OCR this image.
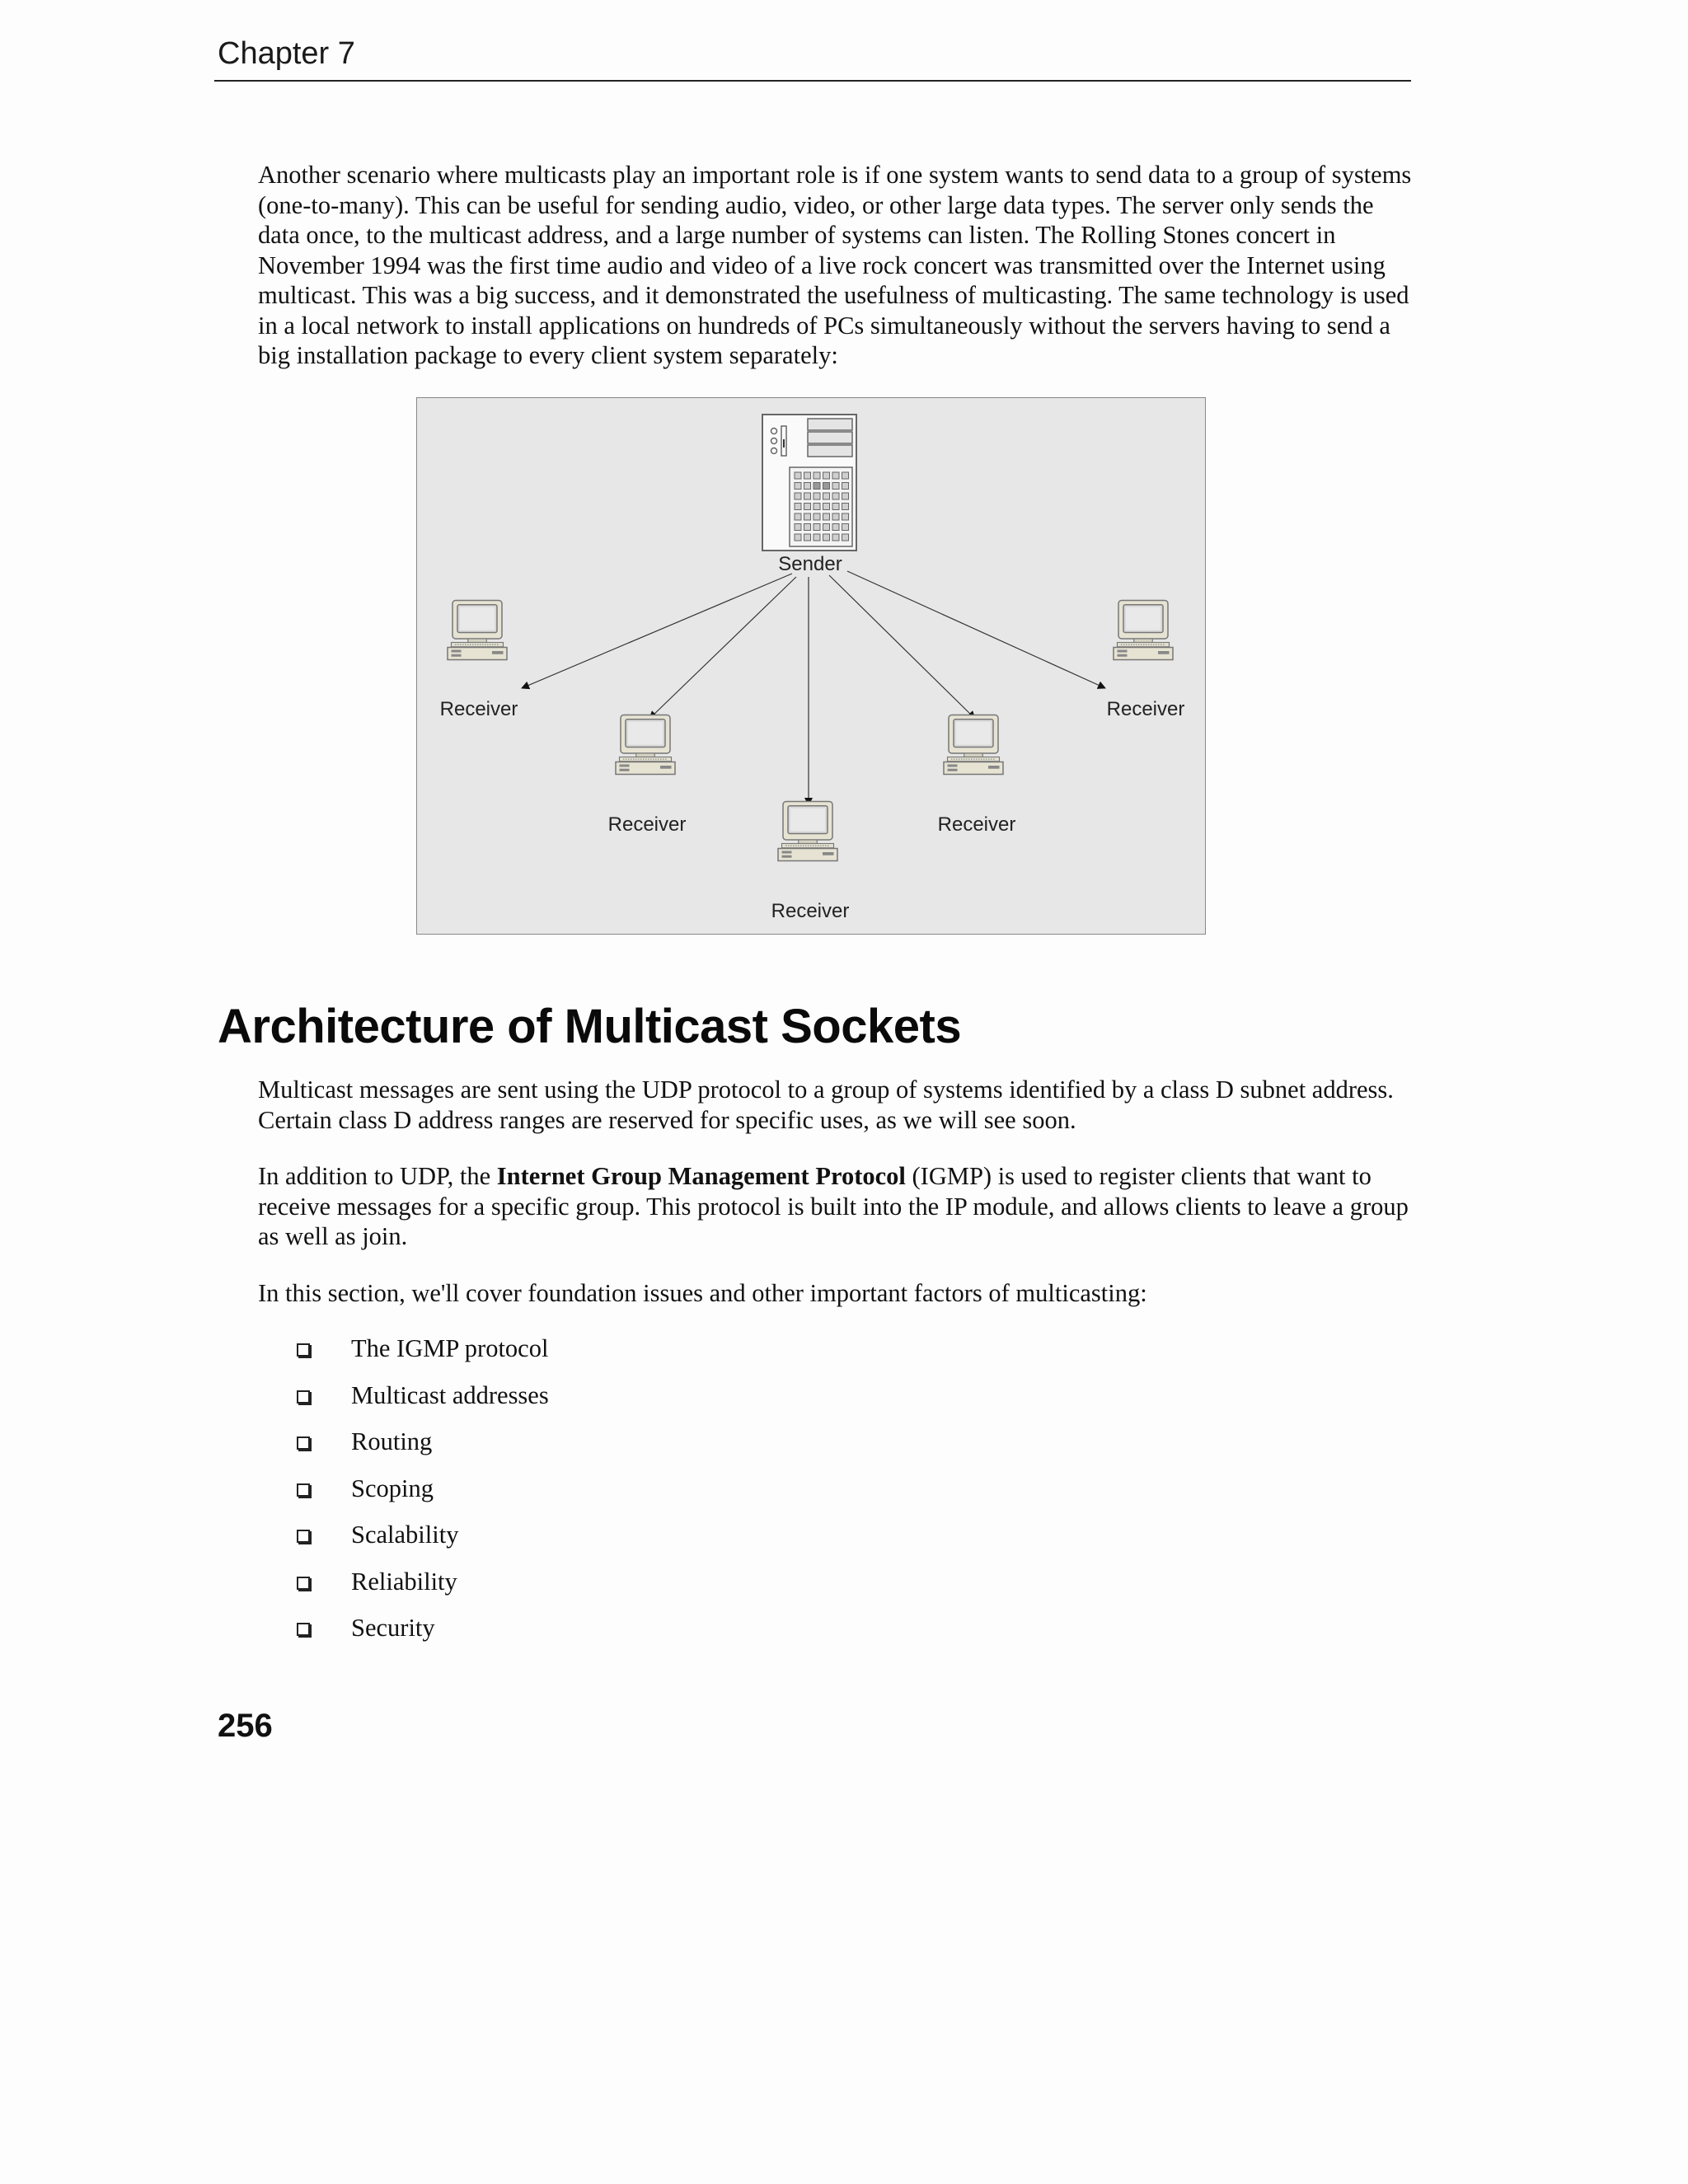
Chapter 7

Another scenario where multicasts play an important role is if one system wants to send data to a group of systems (one-to-many). This can be useful for sending audio, video, or other large data types. The server only sends the data once, to the multicast address, and a large number of systems can listen. The Rolling Stones concert in November 1994 was the first time audio and video of a live rock concert was transmitted over the Internet using multicast. This was a big success, and it demonstrated the usefulness of multicasting. The same technology is used in a local network to install applications on hundreds of PCs simultaneously without the servers having to send a big installation package to every client system separately:

Sender
Receiver
Receiver
Receiver
Receiver
Receiver
Architecture of Multicast Sockets

Multicast messages are sent using the UDP protocol to a group of systems identified by a class D subnet address. Certain class D address ranges are reserved for specific uses, as we will see soon.

In addition to UDP, the Internet Group Management Protocol (IGMP) is used to register clients that want to receive messages for a specific group. This protocol is built into the IP module, and allows clients to leave a group as well as join.

In this section, we'll cover foundation issues and other important factors of multicasting:

The IGMP protocol
Multicast addresses
Routing
Scoping
Scalability
Reliability
Security
256
